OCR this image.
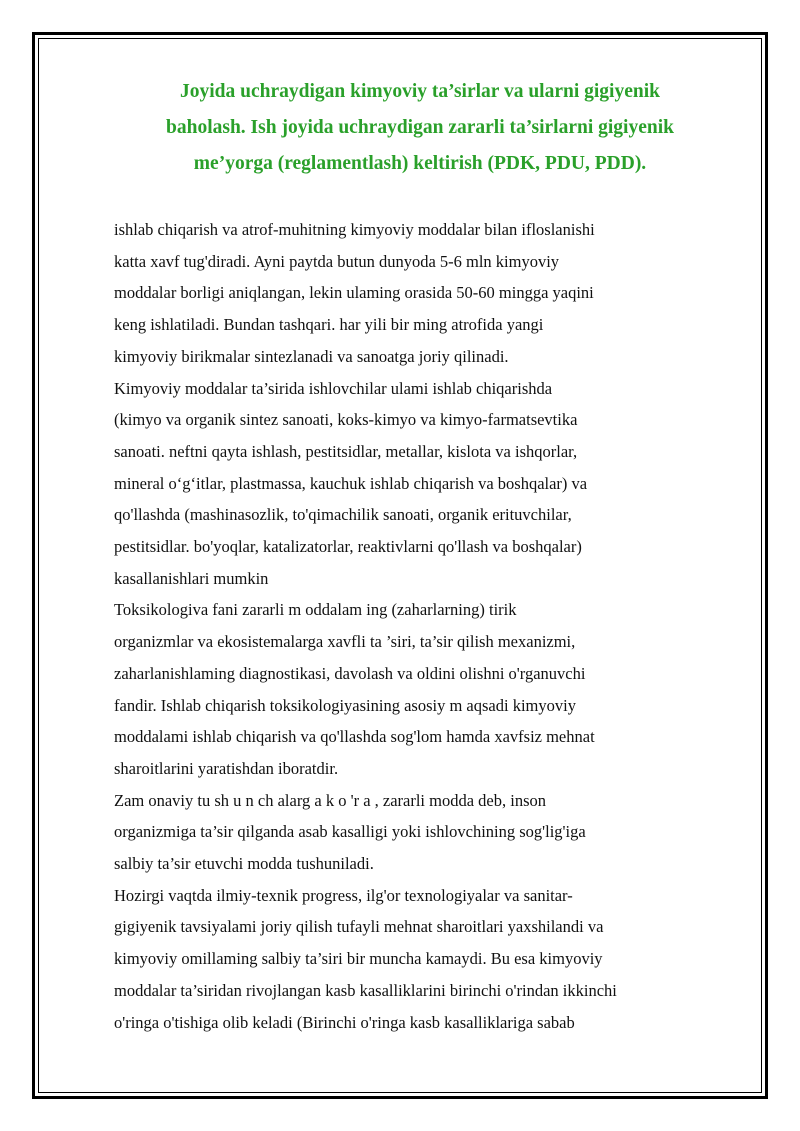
Joyida uchraydigan kimyoviy ta’sirlar va ularni gigiyenik
baholash. Ish joyida uchraydigan zararli ta’sirlarni gigiyenik
me’yorga (reglamentlash) keltirish (PDK, PDU, PDD).
ishlab chiqarish va atrof-muhitning kimyoviy moddalar bilan ifloslanishi
katta xavf tug'diradi. Ayni paytda butun dunyoda 5-6 mln kimyoviy
moddalar borligi aniqlangan, lekin ulaming orasida 50-60 mingga yaqini
keng ishlatiladi. Bundan tashqari. har yili bir ming atrofida yangi
kimyoviy birikmalar sintezlanadi va sanoatga joriy qilinadi.
Kimyoviy moddalar ta’sirida ishlovchilar ulami ishlab chiqarishda
(kimyo va organik sintez sanoati, koks-kimyo va kimyo-farmatsevtika
sanoati. neftni qayta ishlash, pestitsidlar, metallar, kislota va ishqorlar,
mineral o‘g‘itlar, plastmassa, kauchuk ishlab chiqarish va boshqalar) va
qo'llashda (mashinasozlik, to'qimachilik sanoati, organik erituvchilar,
pestitsidlar. bo'yoqlar, katalizatorlar, reaktivlarni qo'llash va boshqalar)
kasallanishlari mumkin
Toksikologiva fani zararli m oddalam ing (zaharlarning) tirik
organizmlar va ekosistemalarga xavfli ta ’siri, ta’sir qilish mexanizmi,
zaharlanishlaming diagnostikasi, davolash va oldini olishni o'rganuvchi
fandir. Ishlab chiqarish toksikologiyasining asosiy m aqsadi kimyoviy
moddalami ishlab chiqarish va qo'llashda sog'lom hamda xavfsiz mehnat
sharoitlarini yaratishdan iboratdir.
Zam onaviy tu sh u n ch alarg a k o 'r a , zararli modda deb, inson
organizmiga ta’sir qilganda asab kasalligi yoki ishlovchining sog'lig'iga
salbiy ta’sir etuvchi modda tushuniladi.
Hozirgi vaqtda ilmiy-texnik progress, ilg'or texnologiyalar va sanitar-
gigiyenik tavsiyalami joriy qilish tufayli mehnat sharoitlari yaxshilandi va
kimyoviy omillaming salbiy ta’siri bir muncha kamaydi. Bu esa kimyoviy
moddalar ta’siridan rivojlangan kasb kasalliklarini birinchi o'rindan ikkinchi
o'ringa o'tishiga olib keladi (Birinchi o'ringa kasb kasalliklariga sabab
